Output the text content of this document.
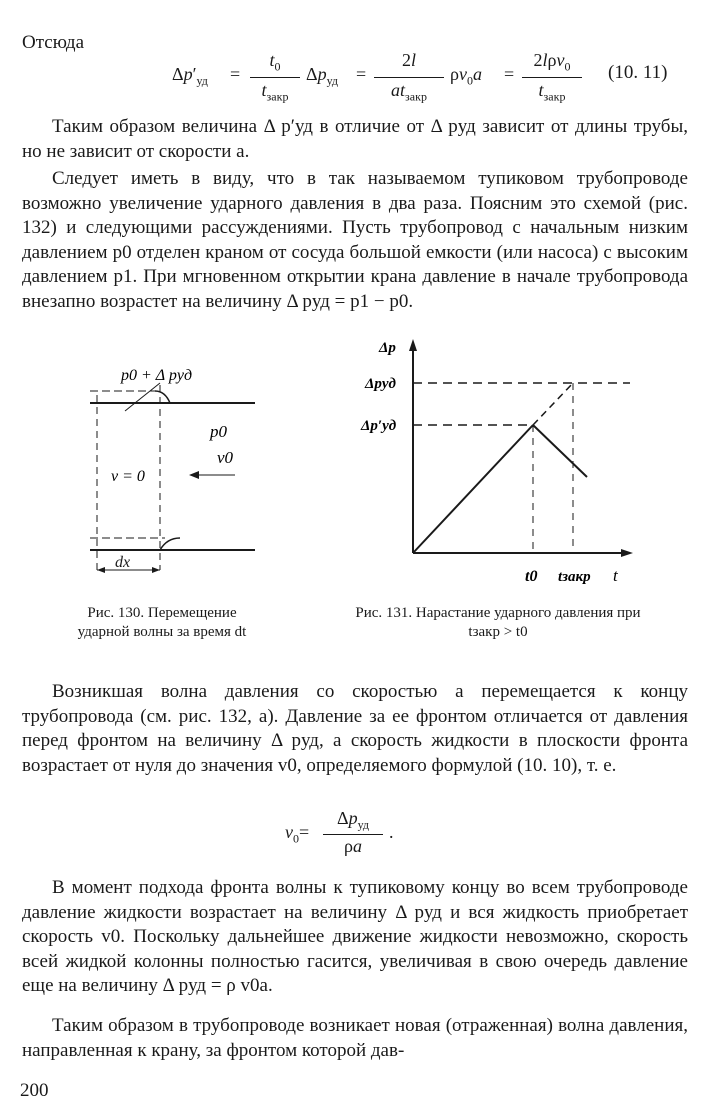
Отсюда
$\Delta p'_{уд}$ =
$t_0$
$t_{закр}$
$\Delta p_{уд}$ =
2l
$at_{закр}$
$\rho v_0a$ =
2lρv$_0$
$t_{закр}$
(10. 11)

Таким образом величина Δ p′уд в отличие от Δ pуд зависит от длины трубы, но не зависит от скорости a.

Следует иметь в виду, что в так называемом тупиковом трубопроводе возможно увеличение ударного давления в два раза. Поясним это схемой (рис. 132) и следующими рассуждениями. Пусть трубопровод с начальным низким давлением p0 отделен краном от сосуда большой емкости (или насоса) с высоким давлением p1. При мгновенном открытии крана давление в начале трубопровода внезапно возрастет на величину Δ pуд = p1 − p0.

p0 + Δ pуд
p0
v0
v = 0
dx
Δp
Δpуд
Δp′уд
t0 tзакр t
Рис. 130. Перемещение ударной волны за время dt
Рис. 131. Нарастание ударного давления при tзакр > t0

Возникшая волна давления со скоростью a перемещается к концу трубопровода (см. рис. 132, a). Давление за ее фронтом отличается от давления перед фронтом на величину Δ pуд, а скорость жидкости в плоскости фронта возрастает от нуля до значения v0, определяемого формулой (10. 10), т. е.

$v_0=$
$\Delta p_{уд}$
ρa
.

В момент подхода фронта волны к тупиковому концу во всем трубопроводе давление жидкости возрастает на величину Δ pуд и вся жидкость приобретает скорость v0. Поскольку дальнейшее движение жидкости невозможно, скорость всей жидкой колонны полностью гасится, увеличивая в свою очередь давление еще на величину Δ pуд = ρ v0a.

Таким образом в трубопроводе возникает новая (отраженная) волна давления, направленная к крану, за фронтом которой дав-

200
